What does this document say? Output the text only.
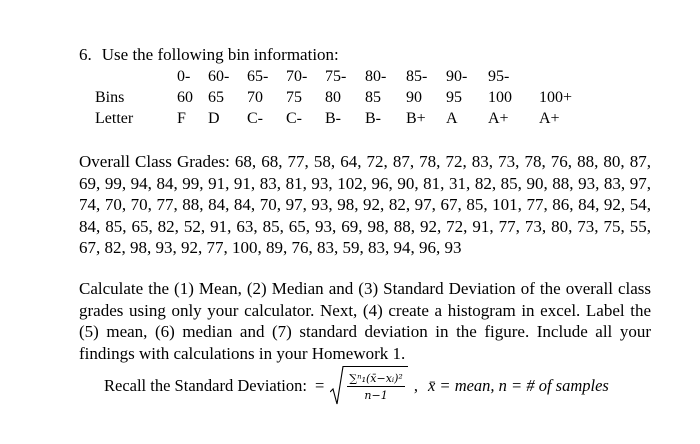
6. Use the following bin information:
	0-	60-	65-	70-	75-	80-	85-	90-	95-	
Bins	60	65	70	75	80	85	90	95	100	100+
Letter	F	D	C-	C-	B-	B-	B+	A	A+	A+
Overall Class Grades: 68, 68, 77, 58, 64, 72, 87, 78, 72, 83, 73, 78, 76, 88, 80, 87, 69, 99, 94, 84, 99, 91, 91, 83, 81, 93, 102, 96, 90, 81, 31, 82, 85, 90, 88, 93, 83, 97, 74, 70, 70, 77, 88, 84, 84, 70, 97, 93, 98, 92, 82, 97, 67, 85, 101, 77, 86, 84, 92, 54, 84, 85, 65, 82, 52, 91, 63, 85, 65, 93, 69, 98, 88, 92, 72, 91, 77, 73, 80, 73, 75, 55, 67, 82, 98, 93, 92, 77, 100, 89, 76, 83, 59, 83, 94, 96, 93
Calculate the (1) Mean, (2) Median and (3) Standard Deviation of the overall class grades using only your calculator. Next, (4) create a histogram in excel. Label the (5) mean, (6) median and (7) standard deviation in the figure. Include all your findings with calculations in your Homework 1.
Recall the Standard Deviation: = $\frac{\text{∑ⁿ₁(x̄−xᵢ)²}}{n-1}$ , x̄ = mean, n = # of samples
